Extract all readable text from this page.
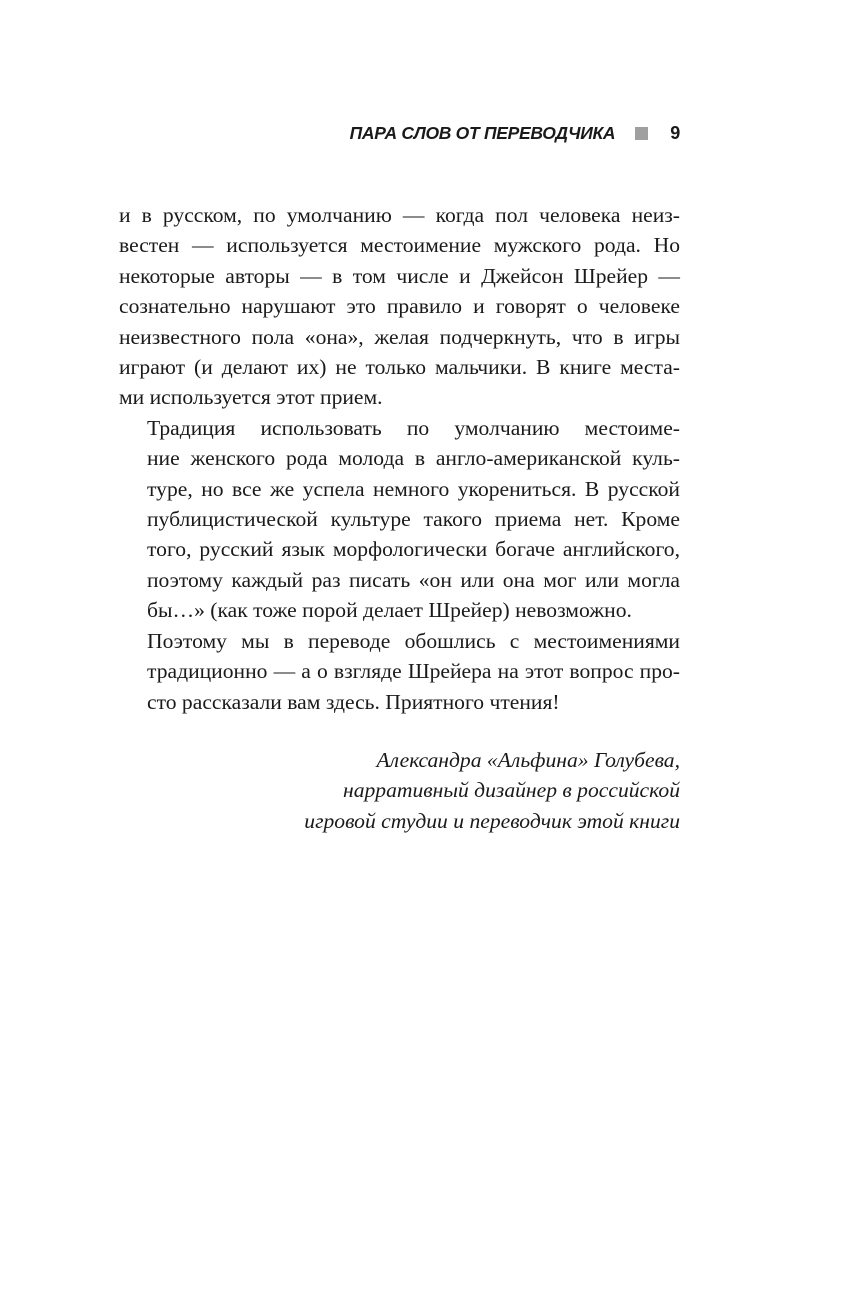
ПАРА СЛОВ ОТ ПЕРЕВОДЧИКА	9

и в русском, по умолчанию — когда пол человека неиз-
вестен — используется местоимение мужского рода. Но
некоторые авторы — в том числе и Джейсон Шрейер —
сознательно нарушают это правило и говорят о человеке
неизвестного пола «она», желая подчеркнуть, что в игры
играют (и делают их) не только мальчики. В книге места-
ми используется этот прием.

Традиция использовать по умолчанию местоиме-
ние женского рода молода в англо-американской куль-
туре, но все же успела немного укорениться. В русской
публицистической культуре такого приема нет. Кроме
того, русский язык морфологически богаче английского,
поэтому каждый раз писать «он или она мог или могла
бы…» (как тоже порой делает Шрейер) невозможно.

Поэтому мы в переводе обошлись с местоимениями
традиционно — а о взгляде Шрейера на этот вопрос про-
сто рассказали вам здесь. Приятного чтения!

Александра «Альфина» Голубева,
нарративный дизайнер в российской
игровой студии и переводчик этой книги
